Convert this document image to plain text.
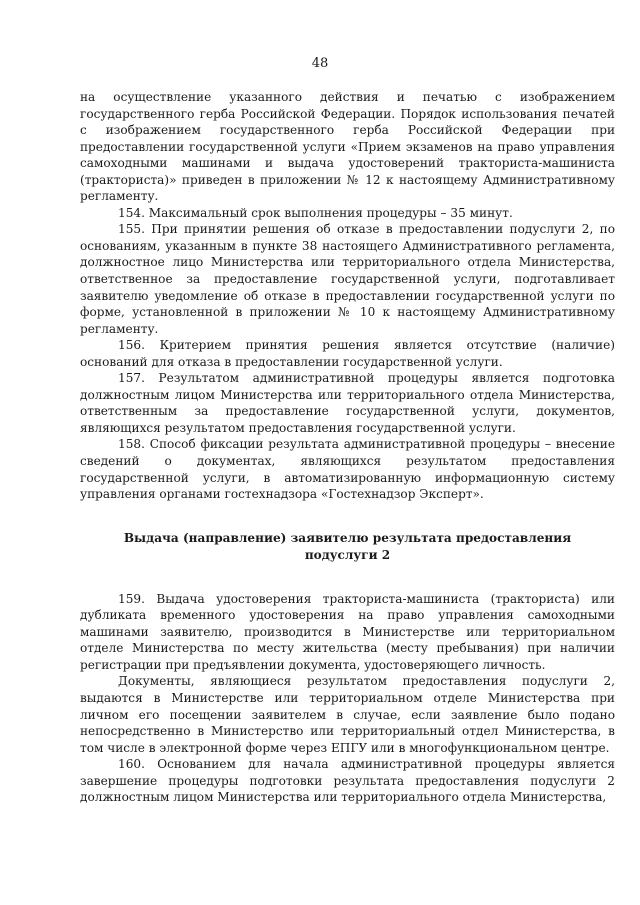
48

на осуществление указанного действия и печатью с изображением государственного герба Российской Федерации. Порядок использования печатей с изображением государственного герба Российской Федерации при предоставлении государственной услуги «Прием экзаменов на право управления самоходными машинами и выдача удостоверений тракториста-машиниста (тракториста)» приведен в приложении № 12 к настоящему Административному регламенту.

154. Максимальный срок выполнения процедуры – 35 минут.

155. При принятии решения об отказе в предоставлении подуслуги 2, по основаниям, указанным в пункте 38 настоящего Административного регламента, должностное лицо Министерства или территориального отдела Министерства, ответственное за предоставление государственной услуги, подготавливает заявителю уведомление об отказе в предоставлении государственной услуги по форме, установленной в приложении № 10 к настоящему Административному регламенту.

156. Критерием принятия решения является отсутствие (наличие) оснований для отказа в предоставлении государственной услуги.

157. Результатом административной процедуры является подготовка должностным лицом Министерства или территориального отдела Министерства, ответственным за предоставление государственной услуги, документов, являющихся результатом предоставления государственной услуги.

158. Способ фиксации результата административной процедуры – внесение сведений о документах, являющихся результатом предоставления государственной услуги, в автоматизированную информационную систему управления органами гостехнадзора «Гостехнадзор Эксперт».

Выдача (направление) заявителю результата предоставления подуслуги 2

159. Выдача удостоверения тракториста-машиниста (тракториста) или дубликата временного удостоверения на право управления самоходными машинами заявителю, производится в Министерстве или территориальном отделе Министерства по месту жительства (месту пребывания) при наличии регистрации при предъявлении документа, удостоверяющего личность.

Документы, являющиеся результатом предоставления подуслуги 2, выдаются в Министерстве или территориальном отделе Министерства при личном его посещении заявителем в случае, если заявление было подано непосредственно в Министерство или территориальный отдел Министерства, в том числе в электронной форме через ЕПГУ или в многофункциональном центре.

160. Основанием для начала административной процедуры является завершение процедуры подготовки результата предоставления подуслуги 2 должностным лицом Министерства или территориального отдела Министерства,
